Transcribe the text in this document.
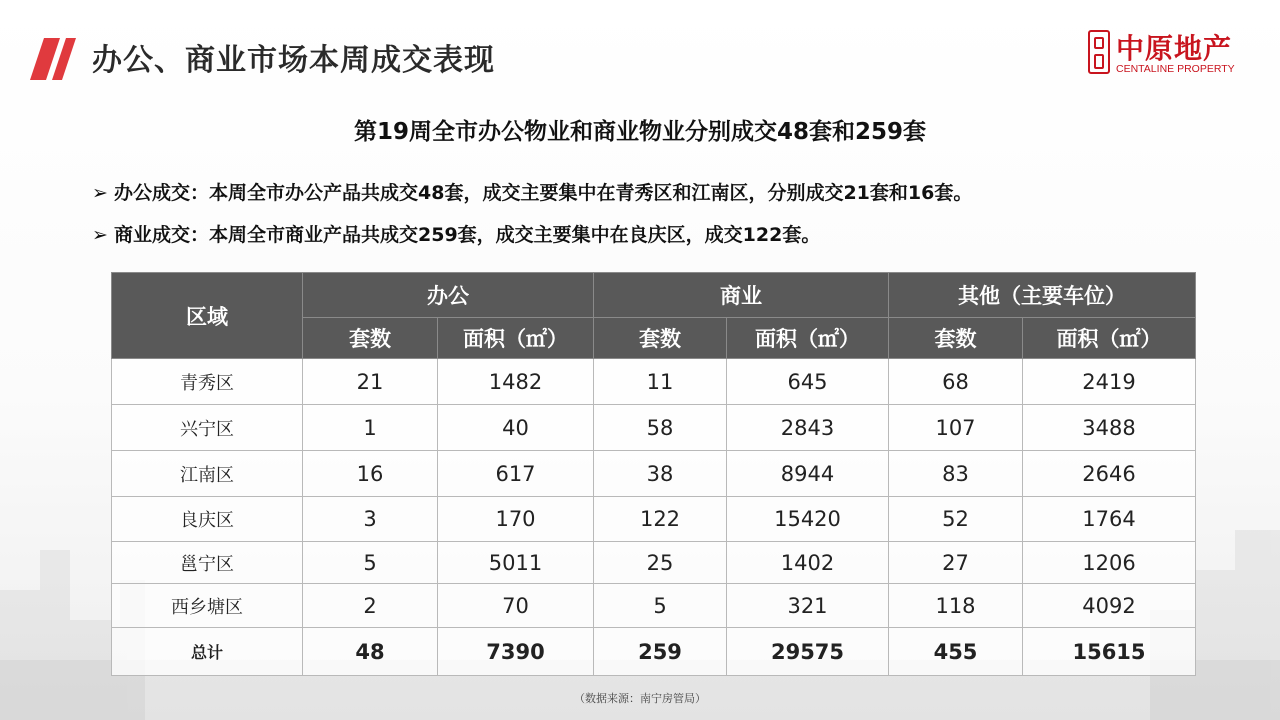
办公、商业市场本周成交表现	中原地产
CENTALINE PROPERTY
第19周全市办公物业和商业物业分别成交48套和259套
➢ 办公成交：本周全市办公产品共成交48套，成交主要集中在青秀区和江南区，分别成交21套和16套。
➢ 商业成交：本周全市商业产品共成交259套，成交主要集中在良庆区，成交122套。
区域	办公		商业		其他（主要车位）	
	套数	面积（㎡）	套数	面积（㎡）	套数	面积（㎡）
青秀区	21	1482	11	645	68	2419
兴宁区	1	40	58	2843	107	3488
江南区	16	617	38	8944	83	2646
良庆区	3	170	122	15420	52	1764
邕宁区	5	5011	25	1402	27	1206
西乡塘区	2	70	5	321	118	4092
总计	48	7390	259	29575	455	15615

（数据来源：南宁房管局）
